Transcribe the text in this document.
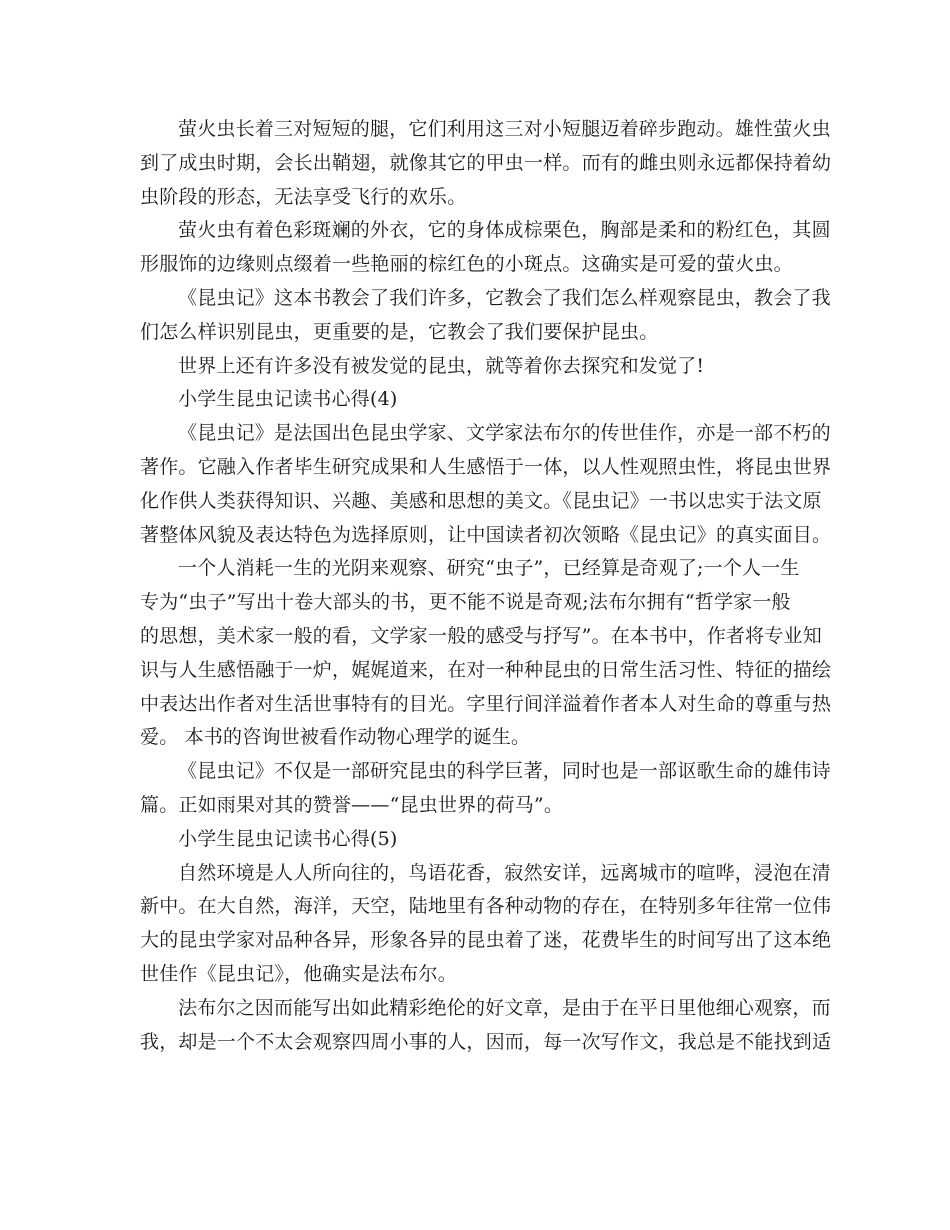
萤火虫长着三对短短的腿，它们利用这三对小短腿迈着碎步跑动。雄性萤火虫
到了成虫时期，会长出鞘翅，就像其它的甲虫一样。而有的雌虫则永远都保持着幼
虫阶段的形态，无法享受飞行的欢乐。

萤火虫有着色彩斑斓的外衣，它的身体成棕栗色，胸部是柔和的粉红色，其圆
形服饰的边缘则点缀着一些艳丽的棕红色的小斑点。这确实是可爱的萤火虫。

《昆虫记》这本书教会了我们许多，它教会了我们怎么样观察昆虫，教会了我
们怎么样识别昆虫，更重要的是，它教会了我们要保护昆虫。

世界上还有许多没有被发觉的昆虫，就等着你去探究和发觉了!

小学生昆虫记读书心得(4)

《昆虫记》是法国出色昆虫学家、文学家法布尔的传世佳作，亦是一部不朽的
著作。它融入作者毕生研究成果和人生感悟于一体，以人性观照虫性，将昆虫世界
化作供人类获得知识、兴趣、美感和思想的美文。《昆虫记》一书以忠实于法文原
著整体风貌及表达特色为选择原则，让中国读者初次领略《昆虫记》的真实面目。

一个人消耗一生的光阴来观察、研究“虫子”，已经算是奇观了;一个人一生
专为“虫子”写出十卷大部头的书，更不能不说是奇观;法布尔拥有“哲学家一般
的思想，美术家一般的看，文学家一般的感受与抒写”。在本书中，作者将专业知
识与人生感悟融于一炉，娓娓道来，在对一种种昆虫的日常生活习性、特征的描绘
中表达出作者对生活世事特有的目光。字里行间洋溢着作者本人对生命的尊重与热
爱。 本书的咨询世被看作动物心理学的诞生。

《昆虫记》不仅是一部研究昆虫的科学巨著，同时也是一部讴歌生命的雄伟诗
篇。正如雨果对其的赞誉——“昆虫世界的荷马”。

小学生昆虫记读书心得(5)

自然环境是人人所向往的，鸟语花香，寂然安详，远离城市的喧哗，浸泡在清
新中。在大自然，海洋，天空，陆地里有各种动物的存在，在特别多年往常一位伟
大的昆虫学家对品种各异，形象各异的昆虫着了迷，花费毕生的时间写出了这本绝
世佳作《昆虫记》，他确实是法布尔。

法布尔之因而能写出如此精彩绝伦的好文章，是由于在平日里他细心观察，而
我，却是一个不太会观察四周小事的人，因而，每一次写作文，我总是不能找到适
